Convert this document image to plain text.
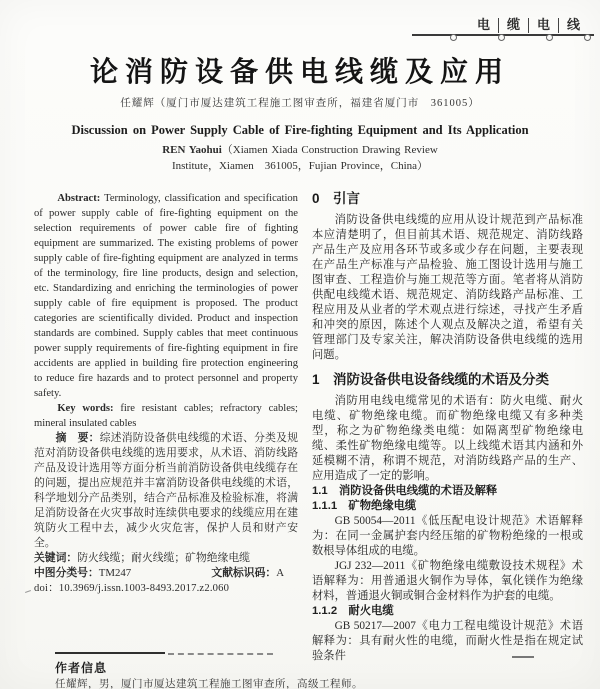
电	缆	电	线
论消防设备供电线缆及应用
任耀辉（厦门市厦达建筑工程施工图审查所，福建省厦门市　361005）
Discussion on Power Supply Cable of Fire-fighting Equipment and Its Application
REN Yaohui（Xiamen Xiada Construction Drawing Review
Institute，Xiamen　361005，Fujian Province，China）

Abstract: Terminology, classification and specification of power supply cable of fire-fighting equipment on the selection requirements of power cable fire of fighting equipment are summarized. The existing problems of power supply cable of fire-fighting equipment are analyzed in terms of the terminology, fire line products, design and selection, etc. Standardizing and enriching the terminologies of power supply cable of fire equipment is proposed. The product categories are scientifically divided. Product and inspection standards are combined. Supply cables that meet continuous power supply requirements of fire-fighting equipment in fire accidents are applied in building fire protection engineering to reduce fire hazards and to protect personnel and property safety.

Key words: fire resistant cables; refractory cables; mineral insulated cables

摘　要：综述消防设备供电线缆的术语、分类及规范对消防设备供电线缆的选用要求，从术语、消防线路产品及设计选用等方面分析当前消防设备供电线缆存在的问题，提出应规范并丰富消防设备供电线缆的术语，科学地划分产品类别，结合产品标准及检验标准，将满足消防设备在火灾事故时连续供电要求的线缆应用在建筑防火工程中去，减少火灾危害，保护人员和财产安全。

关键词：防火线缆；耐火线缆；矿物绝缘电缆

中图分类号：TM247	文献标识码：A

doi：10.3969/j.issn.1003-8493.2017.z2.060

0　引言

消防设备供电线缆的应用从设计规范到产品标准本应清楚明了，但目前其术语、规范规定、消防线路产品生产及应用各环节或多或少存在问题，主要表现在产品生产标准与产品检验、施工图设计选用与施工图审查、工程造价与施工规范等方面。笔者将从消防供配电线缆术语、规范规定、消防线路产品标准、工程应用及从业者的学术观点进行综述，寻找产生矛盾和冲突的原因，陈述个人观点及解决之道，希望有关管理部门及专家关注，解决消防设备供电线缆的选用问题。

1　消防设备供电设备线缆的术语及分类

消防用电线电缆常见的术语有：防火电缆、耐火电缆、矿物绝缘电缆。而矿物绝缘电缆又有多种类型，称之为矿物绝缘类电缆：如隔离型矿物绝缘电缆、柔性矿物绝缘电缆等。以上线缆术语其内涵和外延模糊不清，称谓不规范，对消防线路产品的生产、应用造成了一定的影响。

1.1　消防设备供电线缆的术语及解释
1.1.1　矿物绝缘电缆

GB 50054—2011《低压配电设计规范》术语解释为：在同一金属护套内经压缩的矿物粉绝缘的一根或数根导体组成的电缆。

JGJ 232—2011《矿物绝缘电缆敷设技术规程》术语解释为：用普通退火铜作为导体，氧化镁作为绝缘材料，普通退火铜或铜合金材料作为护套的电缆。

1.1.2　耐火电缆

GB 50217—2007《电力工程电缆设计规范》术语解释为：具有耐火性的电缆，而耐火性是指在规定试验条件

作者信息
任耀辉，男，厦门市厦达建筑工程施工图审查所，高级工程师。
